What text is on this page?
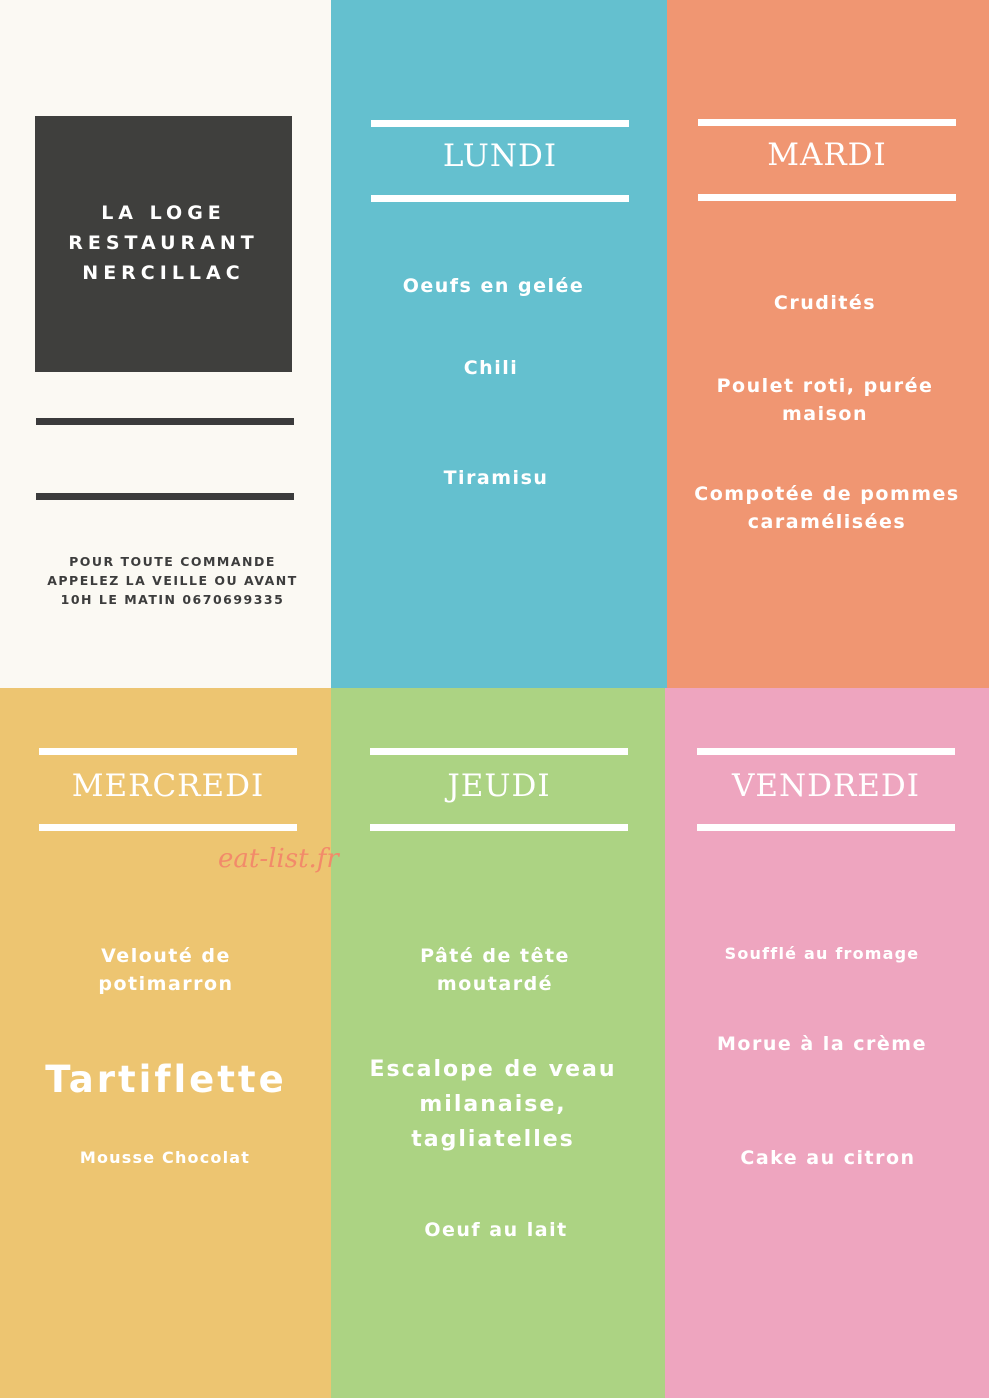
LA LOGE
RESTAURANT
NERCILLAC
POUR TOUTE COMMANDE
APPELEZ LA VEILLE OU AVANT
10H LE MATIN 0670699335
LUNDI
Oeufs en gelée
Chili
Tiramisu
MARDI
Crudités
Poulet roti, purée maison
Compotée de pommes caramélisées
MERCREDI
Velouté de potimarron
Tartiflette
Mousse Chocolat
JEUDI
Pâté de tête moutardé
Escalope de veau milanaise, tagliatelles
Oeuf au lait
VENDREDI
Soufflé au fromage
Morue à la crème
Cake au citron
eat-list.fr
